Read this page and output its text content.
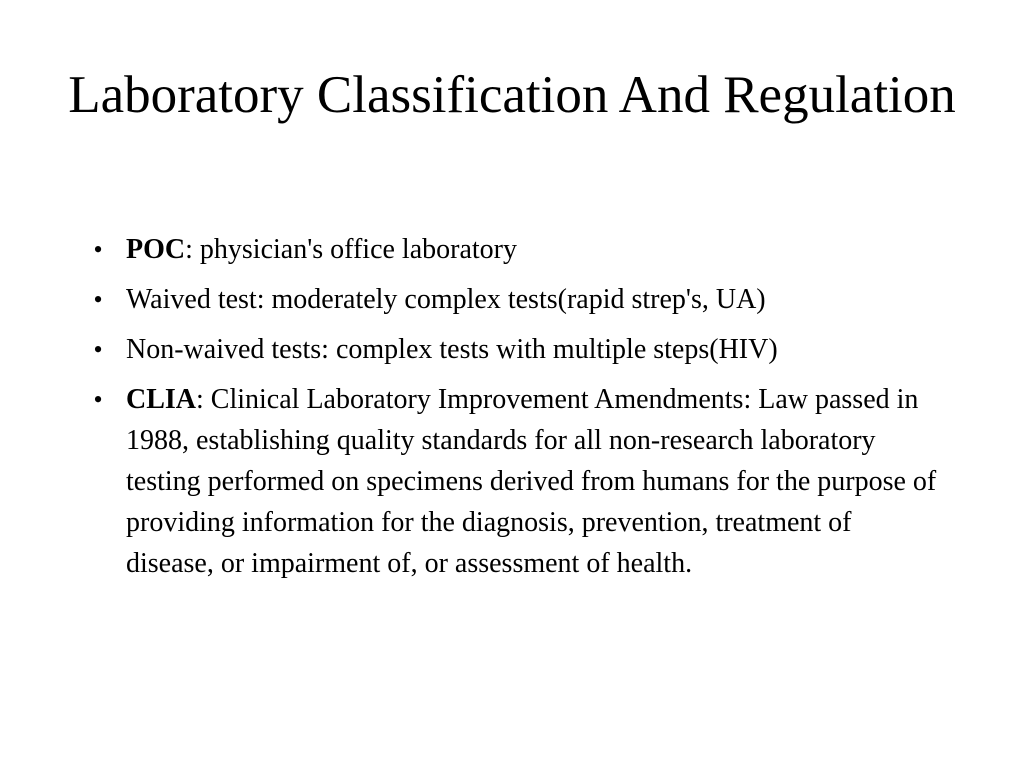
Laboratory Classification And Regulation
• POC: physician's office laboratory
• Waived test: moderately complex tests(rapid strep's, UA)
• Non-waived tests: complex tests with multiple steps(HIV)
• CLIA: Clinical Laboratory Improvement Amendments: Law passed in 1988, establishing quality standards for all non-research laboratory testing performed on specimens derived from humans for the purpose of providing information for the diagnosis, prevention, treatment of disease, or impairment of, or assessment of health.
